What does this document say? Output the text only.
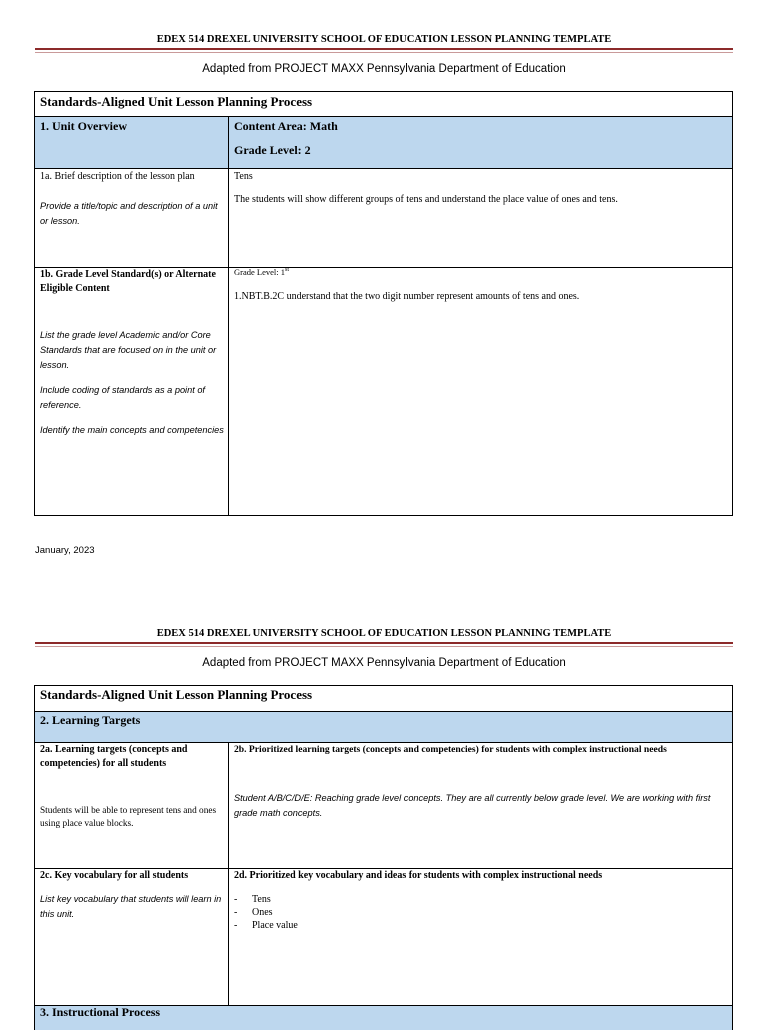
EDEX 514 DREXEL UNIVERSITY SCHOOL OF EDUCATION LESSON PLANNING TEMPLATE
Adapted from PROJECT MAXX Pennsylvania Department of Education
Standards-Aligned Unit Lesson Planning Process
1. Unit Overview	Content Area: Math
Grade Level: 2
1a. Brief description of the lesson plan
Provide a title/topic and description of a unit or lesson.
Tens
The students will show different groups of tens and understand the place value of ones and tens.
1b. Grade Level Standard(s) or Alternate Eligible Content
List the grade level Academic and/or Core Standards that are focused on in the unit or lesson.
Include coding of standards as a point of reference.
Identify the main concepts and competencies
Grade Level: 1st
1.NBT.B.2C understand that the two digit number represent amounts of tens and ones.
January, 2023
EDEX 514 DREXEL UNIVERSITY SCHOOL OF EDUCATION LESSON PLANNING TEMPLATE
Adapted from PROJECT MAXX Pennsylvania Department of Education
Standards-Aligned Unit Lesson Planning Process
2. Learning Targets
2a. Learning targets (concepts and competencies) for all students
Students will be able to represent tens and ones using place value blocks.
2b. Prioritized learning targets (concepts and competencies) for students with complex instructional needs
Student A/B/C/D/E: Reaching grade level concepts. They are all currently below grade level. We are working with first grade math concepts.
2c. Key vocabulary for all students
List key vocabulary that students will learn in this unit.
2d. Prioritized key vocabulary and ideas for students with complex instructional needs
- Tens
- Ones
- Place value
3. Instructional Process
